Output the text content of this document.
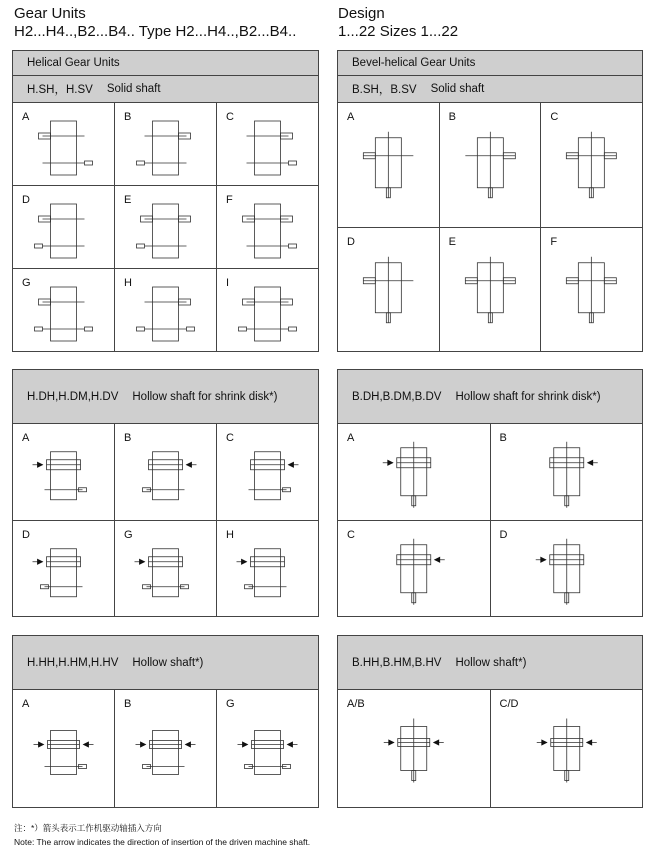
Gear Units
H2...H4..,B2...B4.. Type H2...H4..,B2...B4..
Design
1...22 Sizes 1...22
Helical Gear Units
H.SH，H.SV Solid shaft
A	B	C
D	E	F
G	H	I
Bevel-helical Gear Units
B.SH，B.SV Solid shaft
A	B	C
D	E	F
H.DH,H.DM,H.DV Hollow shaft for shrink disk*)
A	B	C
D	G	H
B.DH,B.DM,B.DV Hollow shaft for shrink disk*)
A	B
C	D
H.HH,H.HM,H.HV Hollow shaft*)
A	B	G
B.HH,B.HM,B.HV Hollow shaft*)
A/B	C/D
注：*）箭头表示工作机驱动轴插入方向
Note: The arrow indicates the direction of insertion of the driven machine shaft.
